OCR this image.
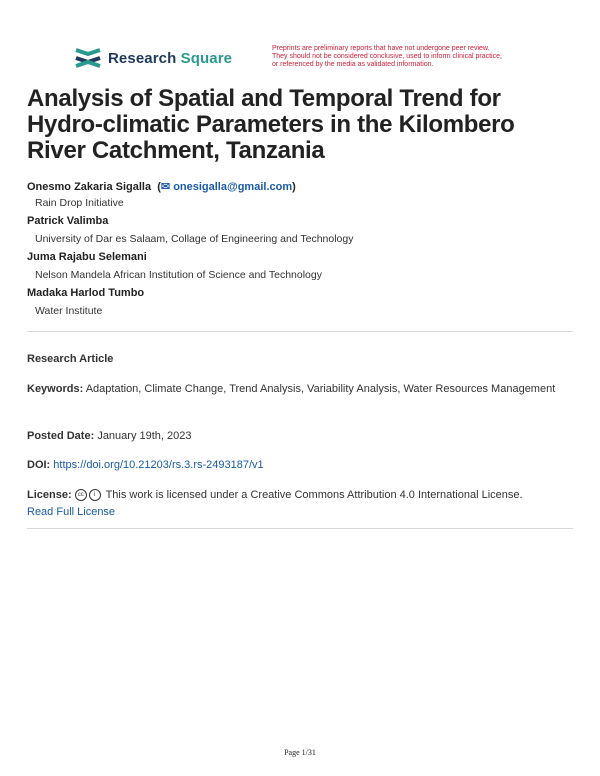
Research Square
Preprints are preliminary reports that have not undergone peer review.
They should not be considered conclusive, used to inform clinical practice,
or referenced by the media as validated information.
Analysis of Spatial and Temporal Trend for Hydro-climatic Parameters in the Kilombero River Catchment, Tanzania
Onesmo Zakaria Sigalla  (✉ onesigalla@gmail.com)
Rain Drop Initiative
Patrick Valimba
University of Dar es Salaam, Collage of Engineering and Technology
Juma Rajabu Selemani
Nelson Mandela African Institution of Science and Technology
Madaka Harlod Tumbo
Water Institute
Research Article
Keywords: Adaptation, Climate Change, Trend Analysis, Variability Analysis, Water Resources Management
Posted Date: January 19th, 2023
DOI: https://doi.org/10.21203/rs.3.rs-2493187/v1
License: cc i This work is licensed under a Creative Commons Attribution 4.0 International License.
Read Full License
Page 1/31
